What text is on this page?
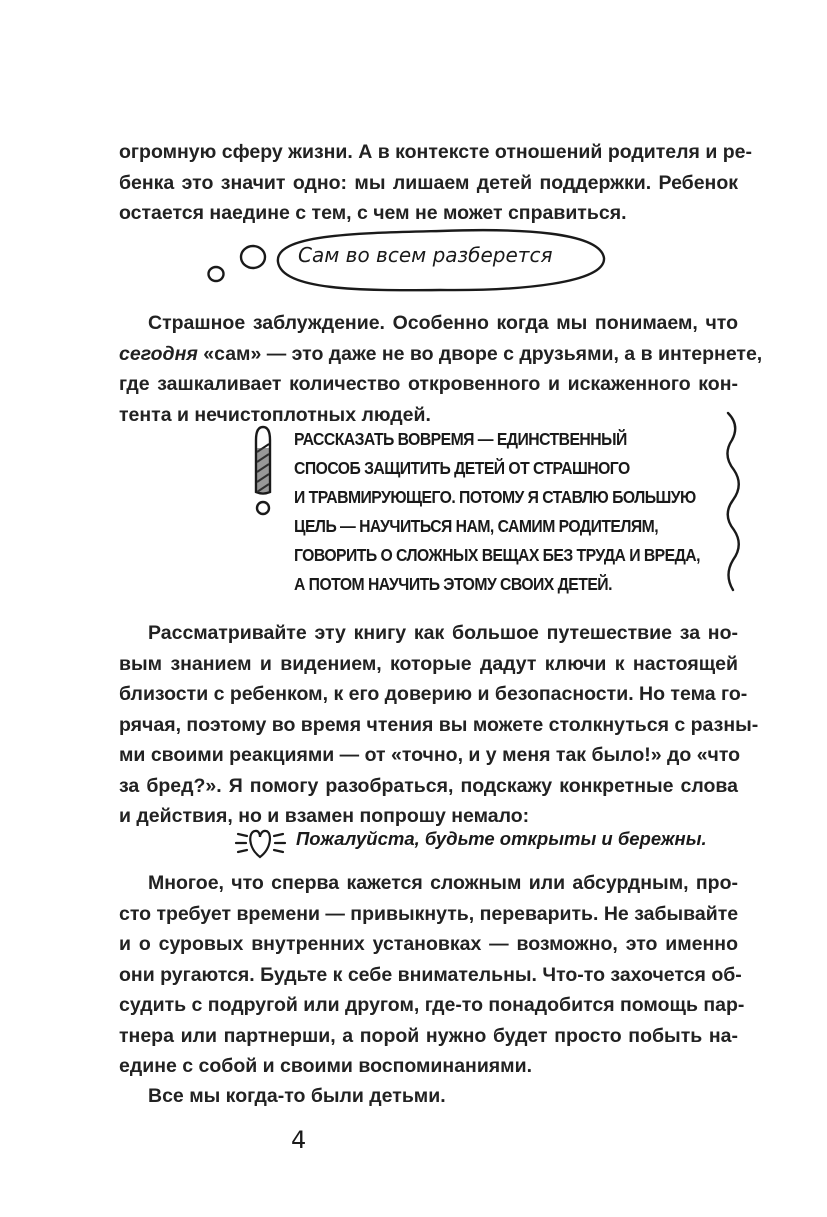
огромную сферу жизни. А в контексте отношений родителя и ре-
бенка это значит одно: мы лишаем детей поддержки. Ребенок
остается наедине с тем, с чем не может справиться.
Сам во всем разберется
Страшное заблуждение. Особенно когда мы понимаем, что
сегодня «сам» — это даже не во дворе с друзьями, а в интернете,
где зашкаливает количество откровенного и искаженного кон-
тента и нечистоплотных людей.
РАССКАЗАТЬ ВОВРЕМЯ — ЕДИНСТВЕННЫЙ
СПОСОБ ЗАЩИТИТЬ ДЕТЕЙ ОТ СТРАШНОГО
И ТРАВМИРУЮЩЕГО. ПОТОМУ Я СТАВЛЮ БОЛЬШУЮ
ЦЕЛЬ — НАУЧИТЬСЯ НАМ, САМИМ РОДИТЕЛЯМ,
ГОВОРИТЬ О СЛОЖНЫХ ВЕЩАХ БЕЗ ТРУДА И ВРЕДА,
А ПОТОМ НАУЧИТЬ ЭТОМУ СВОИХ ДЕТЕЙ.
Рассматривайте эту книгу как большое путешествие за но-
вым знанием и видением, которые дадут ключи к настоящей
близости с ребенком, к его доверию и безопасности. Но тема го-
рячая, поэтому во время чтения вы можете столкнуться с разны-
ми своими реакциями — от «точно, и у меня так было!» до «что
за бред?». Я помогу разобраться, подскажу конкретные слова
и действия, но и взамен попрошу немало:
Пожалуйста, будьте открыты и бережны.
Многое, что сперва кажется сложным или абсурдным, про-
сто требует времени — привыкнуть, переварить. Не забывайте
и о суровых внутренних установках — возможно, это именно
они ругаются. Будьте к себе внимательны. Что-то захочется об-
судить с подругой или другом, где-то понадобится помощь пар-
тнера или партнерши, а порой нужно будет просто побыть на-
едине с собой и своими воспоминаниями.
Все мы когда-то были детьми.
4
